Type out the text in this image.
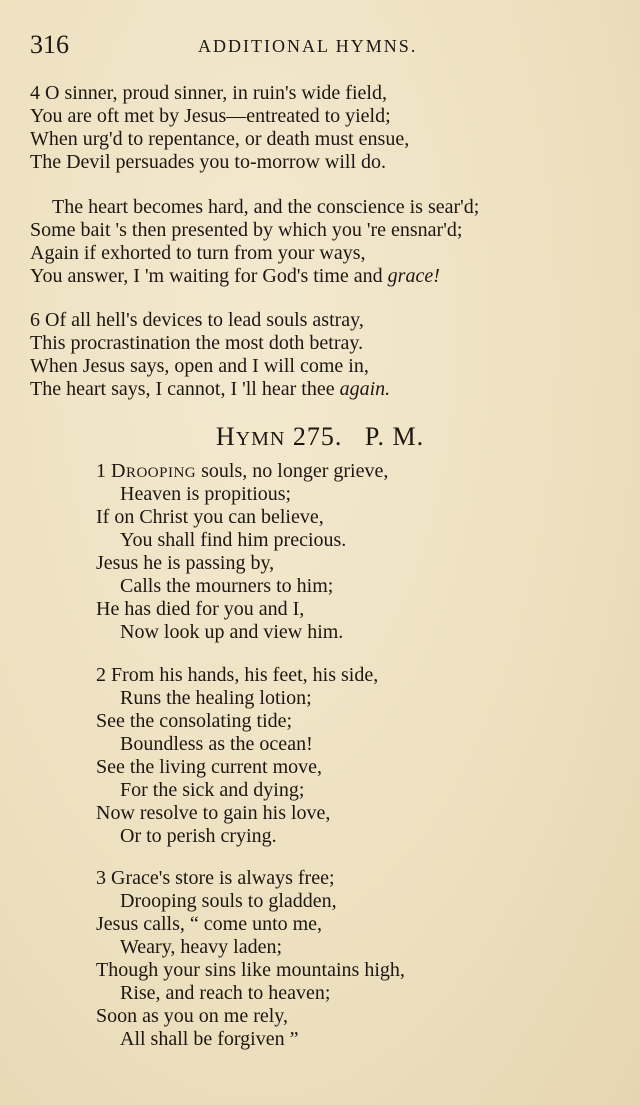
316	ADDITIONAL HYMNS.
4 O sinner, proud sinner, in ruin's wide field,
You are oft met by Jesus—entreated to yield;
When urg'd to repentance, or death must ensue,
The Devil persuades you to-morrow will do.
The heart becomes hard, and the conscience is sear'd;
Some bait 's then presented by which you 're ensnar'd;
Again if exhorted to turn from your ways,
You answer, I 'm waiting for God's time and grace!
6 Of all hell's devices to lead souls astray,
This procrastination the most doth betray.
When Jesus says, open and I will come in,
The heart says, I cannot, I 'll hear thee again.
HYMN 275. P. M.
1 DROOPING souls, no longer grieve,
Heaven is propitious;
If on Christ you can believe,
You shall find him precious.
Jesus he is passing by,
Calls the mourners to him;
He has died for you and I,
Now look up and view him.
2 From his hands, his feet, his side,
Runs the healing lotion;
See the consolating tide;
Boundless as the ocean!
See the living current move,
For the sick and dying;
Now resolve to gain his love,
Or to perish crying.
3 Grace's store is always free;
Drooping souls to gladden,
Jesus calls, “ come unto me,
Weary, heavy laden;
Though your sins like mountains high,
Rise, and reach to heaven;
Soon as you on me rely,
All shall be forgiven ”
